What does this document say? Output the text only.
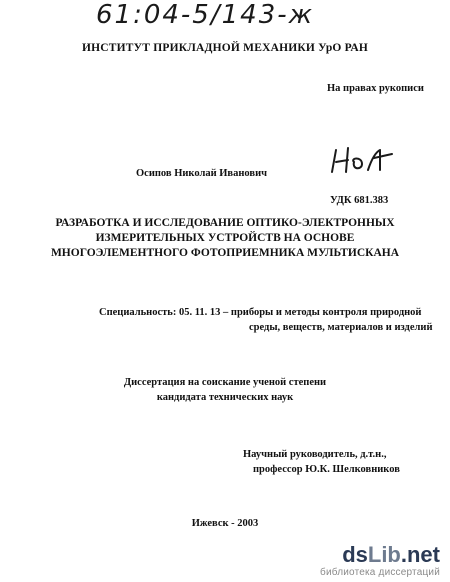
61:04-5/143-ж
ИНСТИТУТ ПРИКЛАДНОЙ МЕХАНИКИ УрО РАН
На правах рукописи
Осипов Николай Иванович
УДК 681.383
РАЗРАБОТКА И ИССЛЕДОВАНИЕ ОПТИКО-ЭЛЕКТРОННЫХ
ИЗМЕРИТЕЛЬНЫХ УСТРОЙСТВ НА ОСНОВЕ
МНОГОЭЛЕМЕНТНОГО ФОТОПРИЕМНИКА МУЛЬТИСКАНА
Специальность: 05. 11. 13 – приборы и методы контроля природной
среды, веществ, материалов и изделий
Диссертация на соискание ученой степени
кандидата технических наук
Научный руководитель, д.т.н.,
профессор Ю.К. Шелковников
Ижевск - 2003
dsLib.net
библиотека диссертаций
